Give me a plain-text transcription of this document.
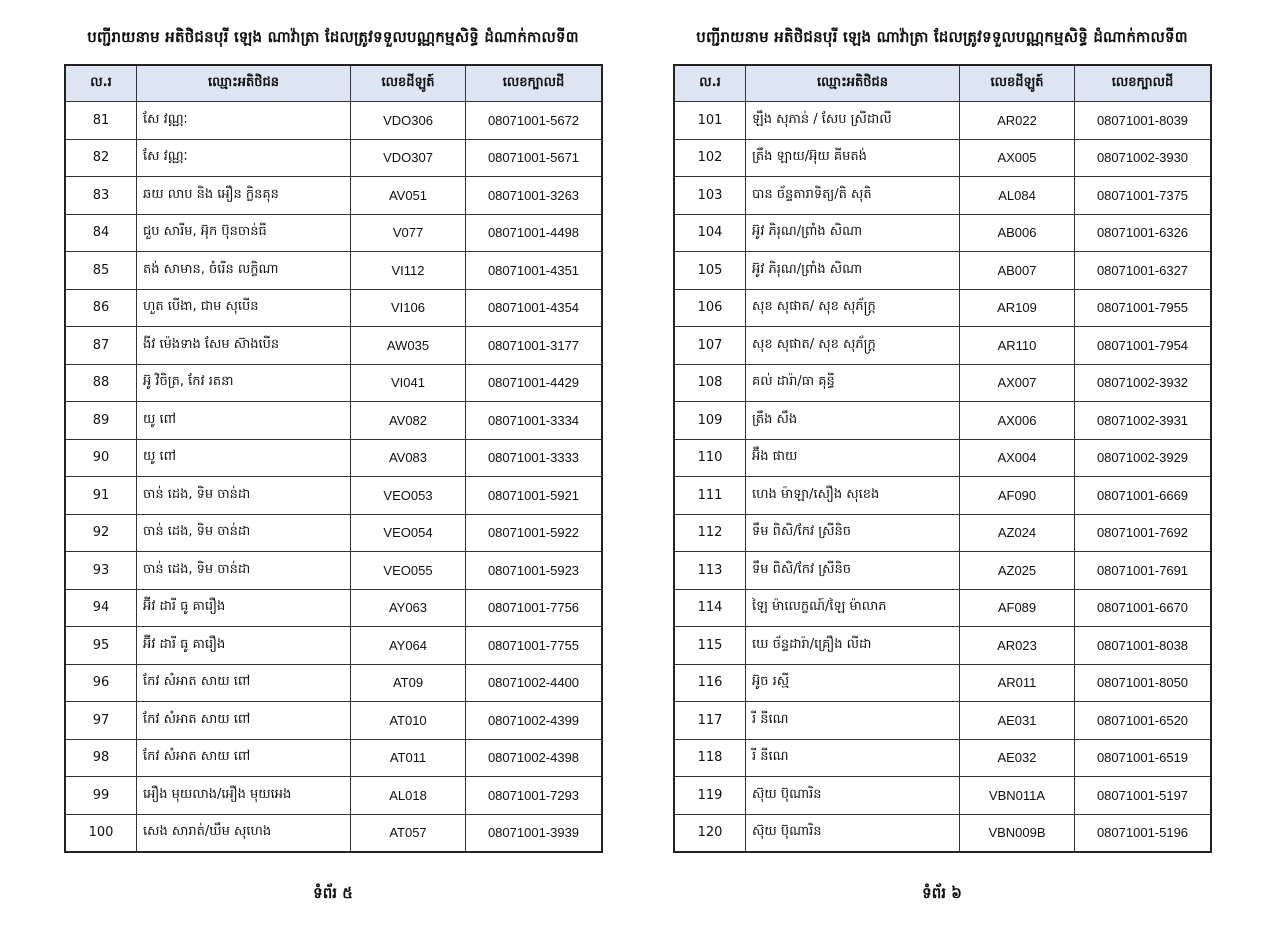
បញ្ជីរាយនាម អតិថិជនបុរី ឡេង ណាវ៉ាត្រា ដែលត្រូវទទួលបណ្ណកម្មសិទ្ធិ ដំណាក់កាលទី៣
ល.រ	ឈ្មោះអតិថិជន	លេខដីឡូត៍	លេខក្បាលដី
81	សែ វណ្ណៈ	VDO306	08071001-5672
82	សែ វណ្ណៈ	VDO307	08071001-5671
83	ឆយ លាប និង អឿន ក្លិនគុន	AV051	08071001-3263
84	ជួប សារីម, អ៊ុក ប៊ុនចាន់ធី	V077	08071001-4498
85	តង់ សាមាន, ចំរើន លក្ខិណា	VI112	08071001-4351
86	ហួត បើងា, ជាម សុបើន	VI106	08071001-4354
87	ងីវ ម៉េងទាង សែម ស៊ាងបើន	AW035	08071001-3177
88	អ៊ូ វិចិត្រ, កែវ រតនា	VI041	08071001-4429
89	យូ ពៅ	AV082	08071001-3334
90	យូ ពៅ	AV083	08071001-3333
91	ចាន់ ដេង, ទិម ចាន់ដា	VEO053	08071001-5921
92	ចាន់ ដេង, ទិម ចាន់ដា	VEO054	08071001-5922
93	ចាន់ ដេង, ទិម ចាន់ដា	VEO055	08071001-5923
94	អ៊ីវ ដារី ធូ គារឿង	AY063	08071001-7756
95	អ៊ីវ ដារី ធូ គារឿង	AY064	08071001-7755
96	កែវ សំអាត សាយ ពៅ	AT09	08071002-4400
97	កែវ សំអាត សាយ ពៅ	AT010	08071002-4399
98	កែវ សំអាត សាយ ពៅ	AT011	08071002-4398
99	អឿង មុយលាង/អឿង មុយអេង	AL018	08071001-7293
100	សេង សារាត់/ឃឹម សុហេង	AT057	08071001-3939
ទំព័រ ៥
បញ្ជីរាយនាម អតិថិជនបុរី ឡេង ណាវ៉ាត្រា ដែលត្រូវទទួលបណ្ណកម្មសិទ្ធិ ដំណាក់កាលទី៣
ល.រ	ឈ្មោះអតិថិជន	លេខដីឡូត៍	លេខក្បាលដី
101	ឡឹង សុភាន់ / សែប ស្រីដាលី	AR022	08071001-8039
102	ត្រឹង ឡាយ/អ៊ុយ គីមតង់	AX005	08071002-3930
103	បាន ច័ន្ទតារាទិត្យ/តិ សុតិ	AL084	08071001-7375
104	អ៊ូវ ភិរុណ/ព្រាំង សិណា	AB006	08071001-6326
105	អ៊ូវ ភិរុណ/ព្រាំង សិណា	AB007	08071001-6327
106	សុខ សុផាត/ សុខ សុភ័ក្រ្ត	AR109	08071001-7955
107	សុខ សុផាត/ សុខ សុភ័ក្រ្ត	AR110	08071001-7954
108	គល់ ដារ៉ា/ធា គុន្ធី	AX007	08071002-3932
109	ត្រឹង សឹង	AX006	08071002-3931
110	អ៊ឹង ផាយ	AX004	08071002-3929
111	ហេង ម៉ាឡា/សឿង សុខេង	AF090	08071001-6669
112	ទឹម ពិសិ/កែវ ស្រីនិច	AZ024	08071001-7692
113	ទឹម ពិសិ/កែវ ស្រីនិច	AZ025	08071001-7691
114	ឡៃ ម៉ាលេក្ខណ៍/ឡៃ ម៉ាលាភ	AF089	08071001-6670
115	ឃេ ច័ន្ទដារ៉ា/គ្រឿង លីដា	AR023	08071001-8038
116	អ៊ូច រស្មី	AR011	08071001-8050
117	រី នីណេ	AE031	08071001-6520
118	រី នីណេ	AE032	08071001-6519
119	ស៊ុយ ប៊ុណារិន	VBN011A	08071001-5197
120	ស៊ុយ ប៊ុណារិន	VBN009B	08071001-5196
ទំព័រ ៦
